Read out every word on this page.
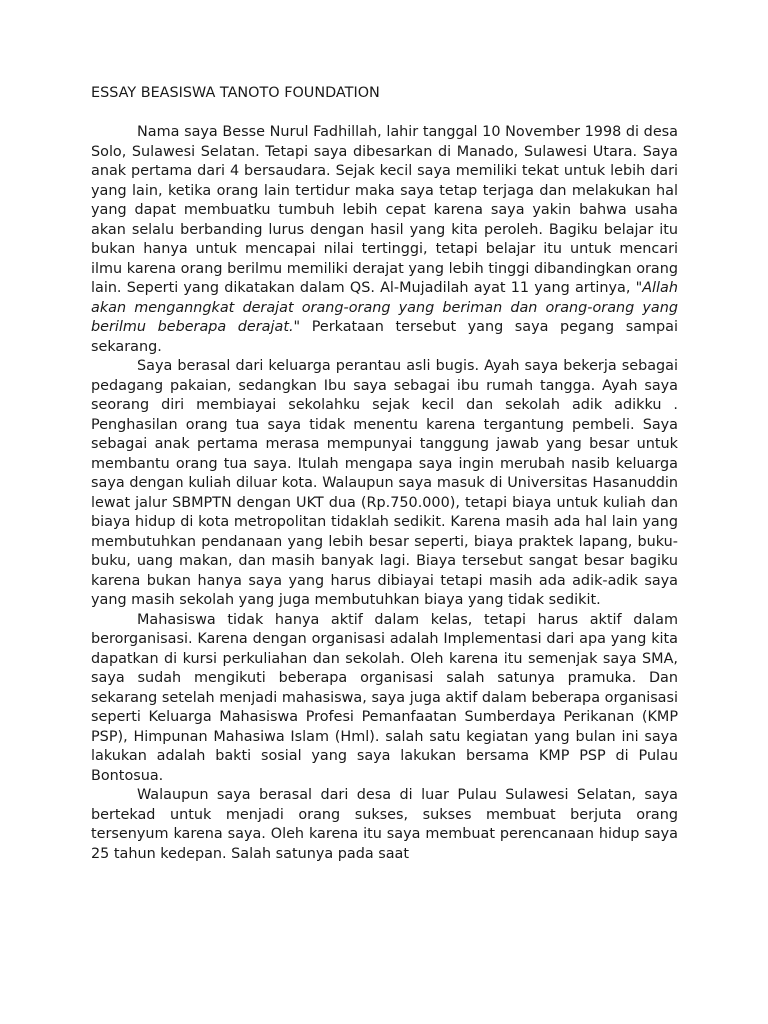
ESSAY BEASISWA TANOTO FOUNDATION

Nama saya Besse Nurul Fadhillah, lahir tanggal 10 November 1998 di desa Solo, Sulawesi Selatan. Tetapi saya dibesarkan di Manado, Sulawesi Utara. Saya anak pertama dari 4 bersaudara. Sejak kecil saya memiliki tekat untuk lebih dari yang lain, ketika orang lain tertidur maka saya tetap terjaga dan melakukan hal yang dapat membuatku tumbuh lebih cepat karena saya yakin bahwa usaha akan selalu berbanding lurus dengan hasil yang kita peroleh. Bagiku belajar itu bukan hanya untuk mencapai nilai tertinggi, tetapi belajar itu untuk mencari ilmu karena orang berilmu memiliki derajat yang lebih tinggi dibandingkan orang lain. Seperti yang dikatakan dalam QS. Al-Mujadilah ayat 11 yang artinya, "Allah akan menganngkat derajat orang-orang yang beriman dan orang-orang yang berilmu beberapa derajat." Perkataan tersebut yang saya pegang sampai sekarang.

Saya berasal dari keluarga perantau asli bugis. Ayah saya bekerja sebagai pedagang pakaian, sedangkan Ibu saya sebagai ibu rumah tangga. Ayah saya seorang diri membiayai sekolahku sejak kecil dan sekolah adik adikku . Penghasilan orang tua saya tidak menentu karena tergantung pembeli. Saya sebagai anak pertama merasa mempunyai tanggung jawab yang besar untuk membantu orang tua saya. Itulah mengapa saya ingin merubah nasib keluarga saya dengan kuliah diluar kota. Walaupun saya masuk di Universitas Hasanuddin lewat jalur SBMPTN dengan UKT dua (Rp.750.000), tetapi biaya untuk kuliah dan biaya hidup di kota metropolitan tidaklah sedikit. Karena masih ada hal lain yang membutuhkan pendanaan yang lebih besar seperti, biaya praktek lapang, buku-buku, uang makan, dan masih banyak lagi. Biaya tersebut sangat besar bagiku karena bukan hanya saya yang harus dibiayai tetapi masih ada adik-adik saya yang masih sekolah yang juga membutuhkan biaya yang tidak sedikit.

Mahasiswa tidak hanya aktif dalam kelas, tetapi harus aktif dalam berorganisasi. Karena dengan organisasi adalah Implementasi dari apa yang kita dapatkan di kursi perkuliahan dan sekolah. Oleh karena itu semenjak saya SMA, saya sudah mengikuti beberapa organisasi salah satunya pramuka. Dan sekarang setelah menjadi mahasiswa, saya juga aktif dalam beberapa organisasi seperti Keluarga Mahasiswa Profesi Pemanfaatan Sumberdaya Perikanan (KMP PSP), Himpunan Mahasiwa Islam (Hml). salah satu kegiatan yang bulan ini saya lakukan adalah bakti sosial yang saya lakukan bersama KMP PSP di Pulau Bontosua.

Walaupun saya berasal dari desa di luar Pulau Sulawesi Selatan, saya bertekad untuk menjadi orang sukses, sukses membuat berjuta orang tersenyum karena saya. Oleh karena itu saya membuat perencanaan hidup saya 25 tahun kedepan. Salah satunya pada saat
